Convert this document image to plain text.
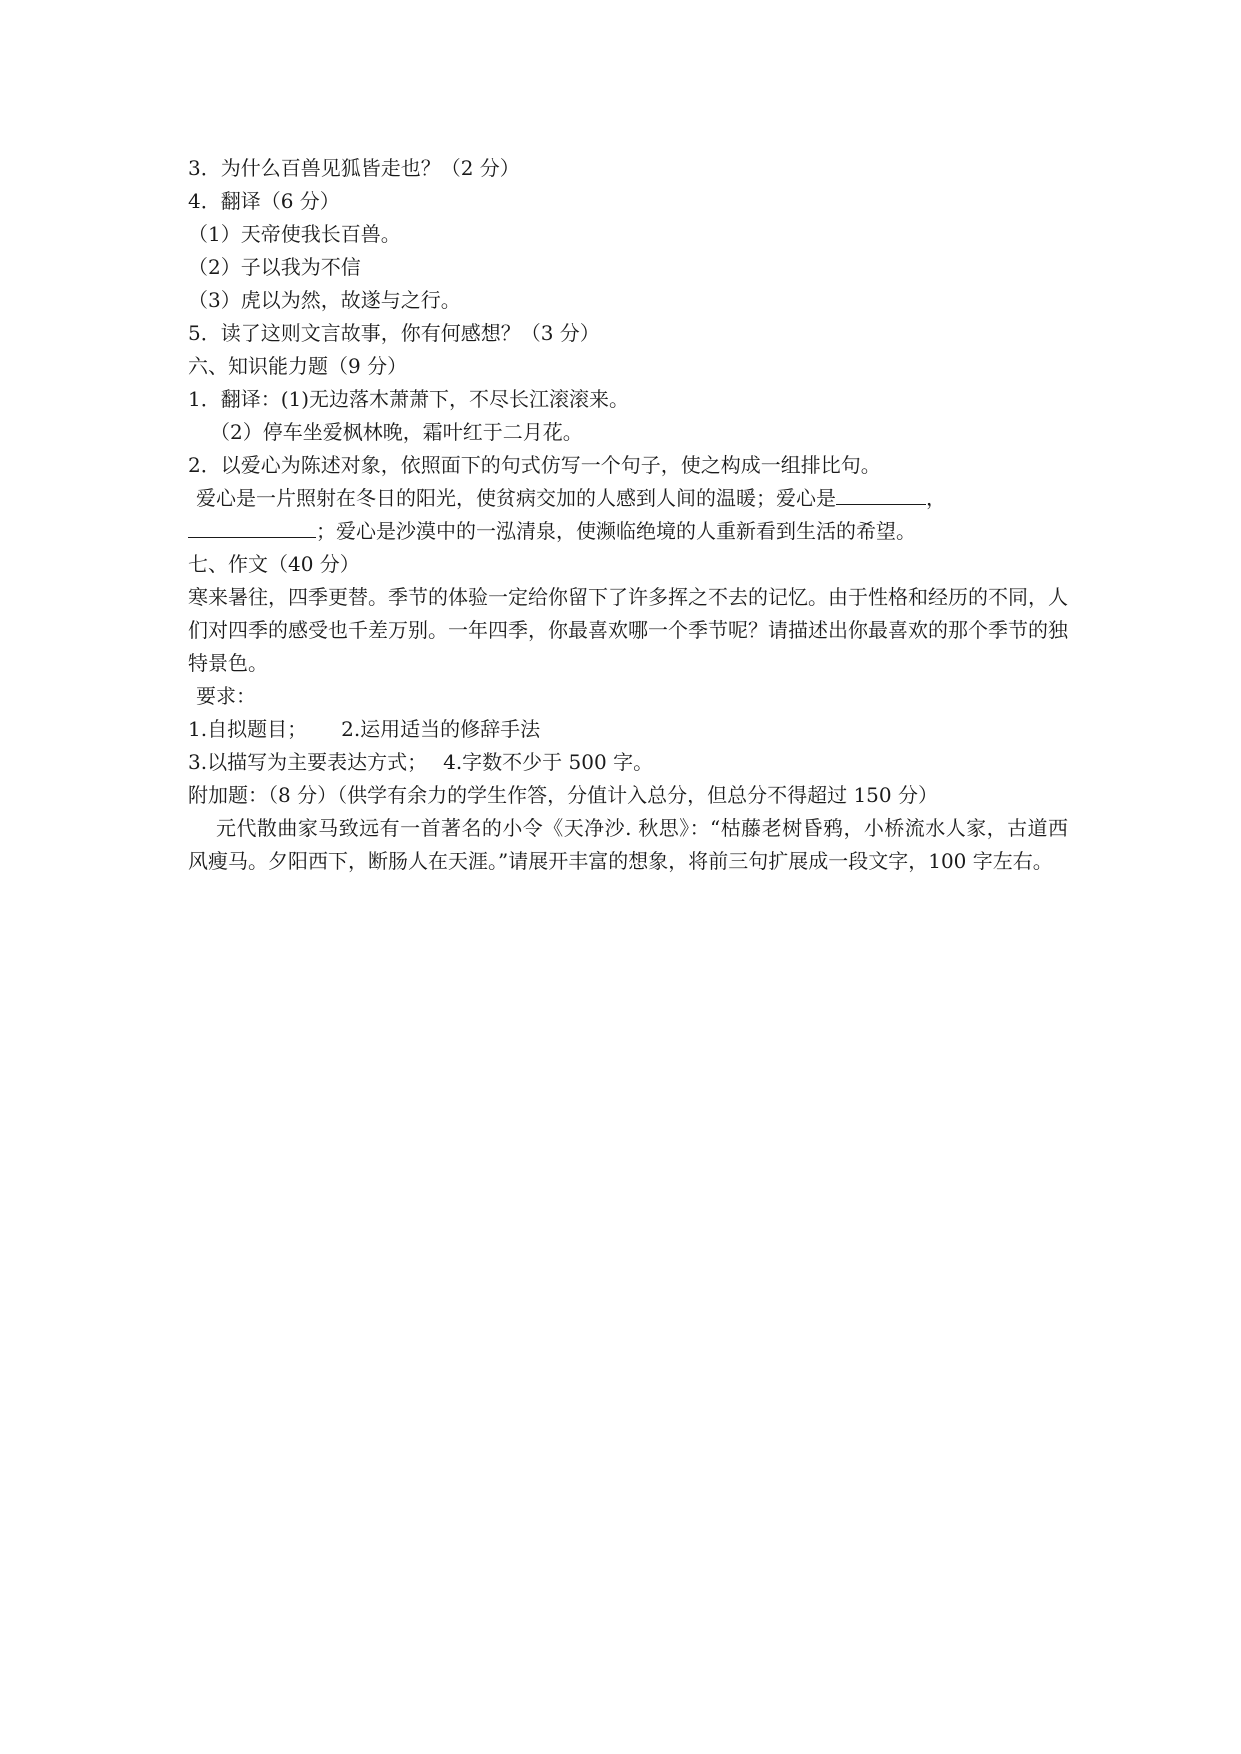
3．为什么百兽见狐皆走也？（2 分）
4．翻译（6 分）
（1）天帝使我长百兽。
（2）子以我为不信
（3）虎以为然，故遂与之行。
5．读了这则文言故事，你有何感想？（3 分）
六、知识能力题（9 分）
1．翻译：(1)无边落木萧萧下，不尽长江滚滚来。
（2）停车坐爱枫林晚，霜叶红于二月花。
2．以爱心为陈述对象，依照面下的句式仿写一个句子，使之构成一组排比句。
爱心是一片照射在冬日的阳光，使贫病交加的人感到人间的温暖；爱心是	，
；爱心是沙漠中的一泓清泉，使濒临绝境的人重新看到生活的希望。
七、作文（40 分）
寒来暑往，四季更替。季节的体验一定给你留下了许多挥之不去的记忆。由于性格和经历的不同，人们对四季的感受也千差万别。一年四季，你最喜欢哪一个季节呢？请描述出你最喜欢的那个季节的独特景色。
要求：
1.自拟题目； 2.运用适当的修辞手法
3.以描写为主要表达方式； 4.字数不少于 500 字。
附加题：（8 分）（供学有余力的学生作答，分值计入总分，但总分不得超过 150 分）
元代散曲家马致远有一首著名的小令《天净沙. 秋思》：“枯藤老树昏鸦，小桥流水人家，古道西风瘦马。夕阳西下，断肠人在天涯。”请展开丰富的想象，将前三句扩展成一段文字，100 字左右。
